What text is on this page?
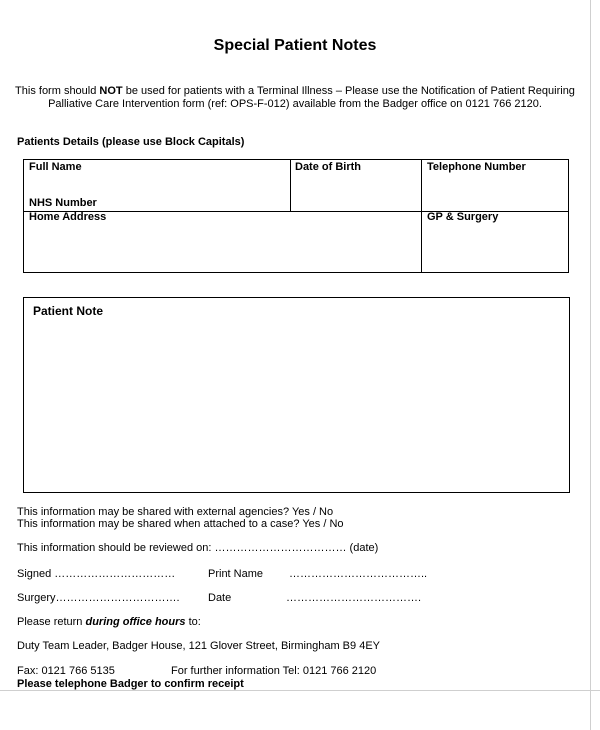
Special Patient Notes
This form should NOT be used for patients with a Terminal Illness – Please use the Notification of Patient Requiring
Palliative Care Intervention form (ref: OPS-F-012) available from the Badger office on 0121 766 2120.
Patients Details (please use Block Capitals)
Full Name
NHS Number
Date of Birth	Telephone Number
Home Address	GP & Surgery
Patient Note
This information may be shared with external agencies? Yes / No
This information may be shared when attached to a case? Yes / No
This information should be reviewed on: ……………………………… (date)
Signed ……………………………	Print Name ………………………………..
Surgery…………………………….	Date	……………………………….
Please return during office hours to:
Duty Team Leader, Badger House, 121 Glover Street, Birmingham B9 4EY
Fax: 0121 766 5135	For further information Tel: 0121 766 2120
Please telephone Badger to confirm receipt
